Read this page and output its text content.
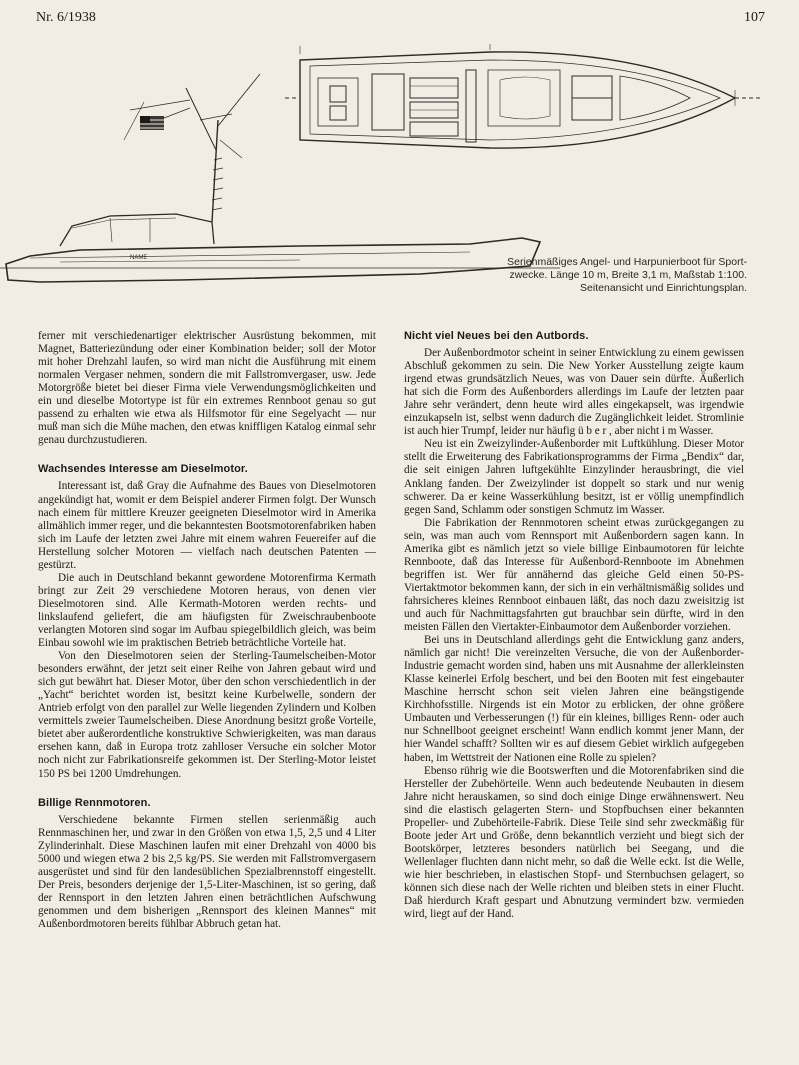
Nr. 6/1938	107
NAME	Serienmäßiges Angel- und Harpunierboot für Sport-
zwecke. Länge 10 m, Breite 3,1 m, Maßstab 1:100.
Seitenansicht und Einrichtungsplan.

ferner mit verschiedenartiger elektrischer Ausrüstung bekommen, mit Magnet, Batteriezündung oder einer Kombination beider; soll der Motor mit hoher Drehzahl laufen, so wird man nicht die Ausführung mit einem normalen Vergaser nehmen, sondern die mit Fallstromvergaser, usw. Jede Motorgröße bietet bei dieser Firma viele Verwendungsmöglichkeiten und ein und dieselbe Motortype ist für ein extremes Rennboot genau so gut passend zu erhalten wie etwa als Hilfsmotor für eine Segelyacht — nur muß man sich die Mühe machen, den etwas kniffligen Katalog einmal sehr genau durchzustudieren.

Wachsendes Interesse am Dieselmotor.

Interessant ist, daß Gray die Aufnahme des Baues von Dieselmotoren angekündigt hat, womit er dem Beispiel anderer Firmen folgt. Der Wunsch nach einem für mittlere Kreuzer geeigneten Dieselmotor wird in Amerika allmählich immer reger, und die bekanntesten Bootsmotorenfabriken haben sich im Laufe der letzten zwei Jahre mit einem wahren Feuereifer auf die Herstellung solcher Motoren — vielfach nach deutschen Patenten — gestürzt.

Die auch in Deutschland bekannt gewordene Motorenfirma Kermath bringt zur Zeit 29 verschiedene Motoren heraus, von denen vier Dieselmotoren sind. Alle Kermath-Motoren werden rechts- und linkslaufend geliefert, die am häufigsten für Zweischraubenboote verlangten Motoren sind sogar im Aufbau spiegelbildlich gleich, was beim Einbau sowohl wie im praktischen Betrieb beträchtliche Vorteile hat.

Von den Dieselmotoren seien der Sterling-Taumelscheiben-Motor besonders erwähnt, der jetzt seit einer Reihe von Jahren gebaut wird und sich gut bewährt hat. Dieser Motor, über den schon verschiedentlich in der „Yacht“ berichtet worden ist, besitzt keine Kurbelwelle, sondern der Antrieb erfolgt von den parallel zur Welle liegenden Zylindern und Kolben vermittels zweier Taumelscheiben. Diese Anordnung besitzt große Vorteile, bietet aber außerordentliche konstruktive Schwierigkeiten, was man daraus ersehen kann, daß in Europa trotz zahlloser Versuche ein solcher Motor noch nicht zur Fabrikationsreife gekommen ist. Der Sterling-Motor leistet 150 PS bei 1200 Umdrehungen.

Billige Rennmotoren.

Verschiedene bekannte Firmen stellen serienmäßig auch Rennmaschinen her, und zwar in den Größen von etwa 1,5, 2,5 und 4 Liter Zylinderinhalt. Diese Maschinen laufen mit einer Drehzahl von 4000 bis 5000 und wiegen etwa 2 bis 2,5 kg/PS. Sie werden mit Fallstromvergasern ausgerüstet und sind für den landesüblichen Spezialbrennstoff eingestellt. Der Preis, besonders derjenige der 1,5-Liter-Maschinen, ist so gering, daß der Rennsport in den letzten Jahren einen beträchtlichen Aufschwung genommen und dem bisherigen „Rennsport des kleinen Mannes“ mit Außenbordmotoren bereits fühlbar Abbruch getan hat.

Nicht viel Neues bei den Autbords.

Der Außenbordmotor scheint in seiner Entwicklung zu einem gewissen Abschluß gekommen zu sein. Die New Yorker Ausstellung zeigte kaum irgend etwas grundsätzlich Neues, was von Dauer sein dürfte. Äußerlich hat sich die Form des Außenborders allerdings im Laufe der letzten paar Jahre sehr verändert, denn heute wird alles eingekapselt, was irgendwie einzukapseln ist, selbst wenn dadurch die Zugänglichkeit leidet. Stromlinie ist auch hier Trumpf, leider nur häufig ü b e r , aber nicht i m Wasser.

Neu ist ein Zweizylinder-Außenborder mit Luftkühlung. Dieser Motor stellt die Erweiterung des Fabrikationsprogramms der Firma „Bendix“ dar, die seit einigen Jahren luftgekühlte Einzylinder herausbringt, die viel Anklang fanden. Der Zweizylinder ist doppelt so stark und nur wenig schwerer. Da er keine Wasserkühlung besitzt, ist er völlig unempfindlich gegen Sand, Schlamm oder sonstigen Schmutz im Wasser.

Die Fabrikation der Rennmotoren scheint etwas zurückgegangen zu sein, was man auch vom Rennsport mit Außenbordern sagen kann. In Amerika gibt es nämlich jetzt so viele billige Einbaumotoren für leichte Rennboote, daß das Interesse für Außenbord-Rennboote im Abnehmen begriffen ist. Wer für annähernd das gleiche Geld einen 50-PS-Viertaktmotor bekommen kann, der sich in ein verhältnismäßig solides und fahrsicheres kleines Rennboot einbauen läßt, das noch dazu zweisitzig ist und auch für Nachmittagsfahrten gut brauchbar sein dürfte, wird in den meisten Fällen den Viertakter-Einbaumotor dem Außenborder vorziehen.

Bei uns in Deutschland allerdings geht die Entwicklung ganz anders, nämlich gar nicht! Die vereinzelten Versuche, die von der Außenborder-Industrie gemacht worden sind, haben uns mit Ausnahme der allerkleinsten Klasse keinerlei Erfolg beschert, und bei den Booten mit fest eingebauter Maschine herrscht schon seit vielen Jahren eine beängstigende Kirchhofsstille. Nirgends ist ein Motor zu erblicken, der ohne größere Umbauten und Verbesserungen (!) für ein kleines, billiges Renn- oder auch nur Schnellboot geeignet erscheint! Wann endlich kommt jener Mann, der hier Wandel schafft? Sollten wir es auf diesem Gebiet wirklich aufgegeben haben, im Wettstreit der Nationen eine Rolle zu spielen?

Ebenso rührig wie die Bootswerften und die Motorenfabriken sind die Hersteller der Zubehörteile. Wenn auch bedeutende Neubauten in diesem Jahre nicht herauskamen, so sind doch einige Dinge erwähnenswert. Neu sind die elastisch gelagerten Stern- und Stopfbuchsen einer bekannten Propeller- und Zubehörteile-Fabrik. Diese Teile sind sehr zweckmäßig für Boote jeder Art und Größe, denn bekanntlich verzieht und biegt sich der Bootskörper, letzteres besonders natürlich bei Seegang, und die Wellenlager fluchten dann nicht mehr, so daß die Welle eckt. Ist die Welle, wie hier beschrieben, in elastischen Stopf- und Sternbuchsen gelagert, so können sich diese nach der Welle richten und bleiben stets in einer Flucht. Daß hierdurch Kraft gespart und Abnutzung vermindert bzw. vermieden wird, liegt auf der Hand.
